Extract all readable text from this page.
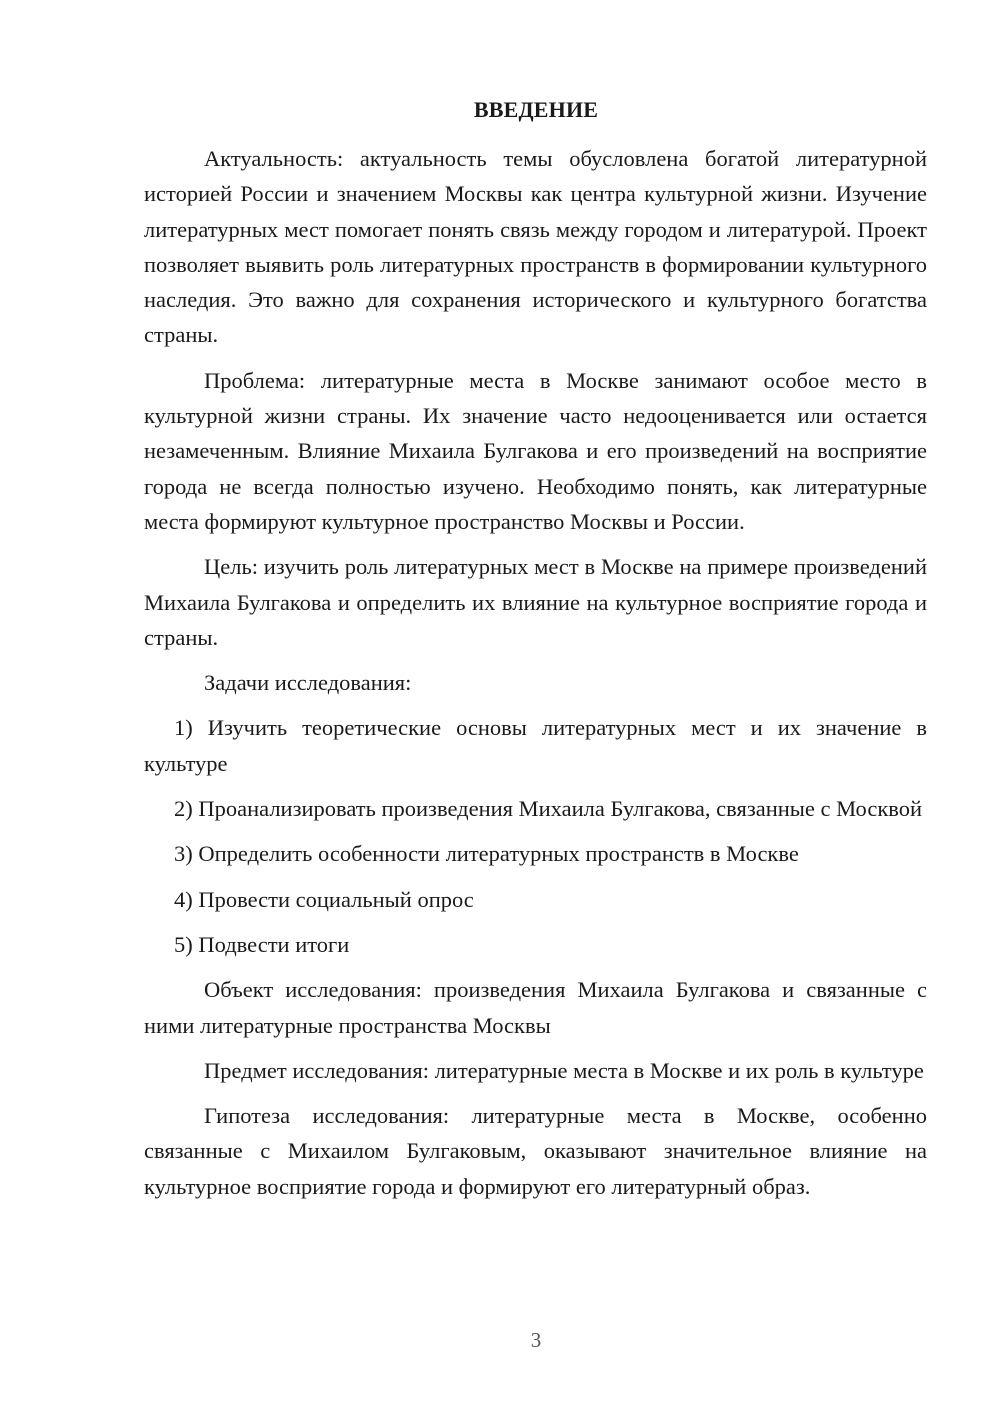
ВВЕДЕНИЕ

Актуальность: актуальность темы обусловлена богатой литературной историей России и значением Москвы как центра культурной жизни. Изучение литературных мест помогает понять связь между городом и литературой. Проект позволяет выявить роль литературных пространств в формировании культурного наследия. Это важно для сохранения исторического и культурного богатства страны.

Проблема: литературные места в Москве занимают особое место в культурной жизни страны. Их значение часто недооценивается или остается незамеченным. Влияние Михаила Булгакова и его произведений на восприятие города не всегда полностью изучено. Необходимо понять, как литературные места формируют культурное пространство Москвы и России.

Цель: изучить роль литературных мест в Москве на примере произведений Михаила Булгакова и определить их влияние на культурное восприятие города и страны.

Задачи исследования:

1) Изучить теоретические основы литературных мест и их значение в культуре

2) Проанализировать произведения Михаила Булгакова, связанные с Москвой

3) Определить особенности литературных пространств в Москве

4) Провести социальный опрос

5) Подвести итоги

Объект исследования: произведения Михаила Булгакова и связанные с ними литературные пространства Москвы

Предмет исследования: литературные места в Москве и их роль в культуре

Гипотеза исследования: литературные места в Москве, особенно связанные с Михаилом Булгаковым, оказывают значительное влияние на культурное восприятие города и формируют его литературный образ.

3
